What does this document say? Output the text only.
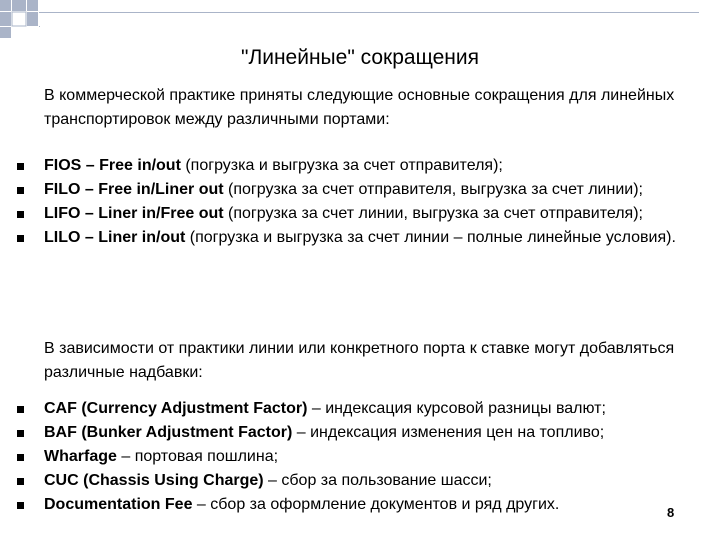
"Линейные" сокращения
В коммерческой практике приняты следующие основные сокращения для линейных транспортировок между различными портами:
FIOS – Free in/out (погрузка и выгрузка за счет отправителя);
FILO – Free in/Liner out (погрузка за счет отправителя, выгрузка за счет линии);
LIFO – Liner in/Free out (погрузка за счет линии, выгрузка за счет отправителя);
LILO – Liner in/out (погрузка и выгрузка за счет линии – полные линейные условия).
В зависимости от практики линии или конкретного порта к ставке могут добавляться различные надбавки:
CAF (Currency Adjustment Factor) – индексация курсовой разницы валют;
BAF (Bunker Adjustment Factor) – индексация изменения цен на топливо;
Wharfage – портовая пошлина;
CUC (Chassis Using Charge) – сбор за пользование шасси;
Documentation Fee – сбор за оформление документов и ряд других.	8
